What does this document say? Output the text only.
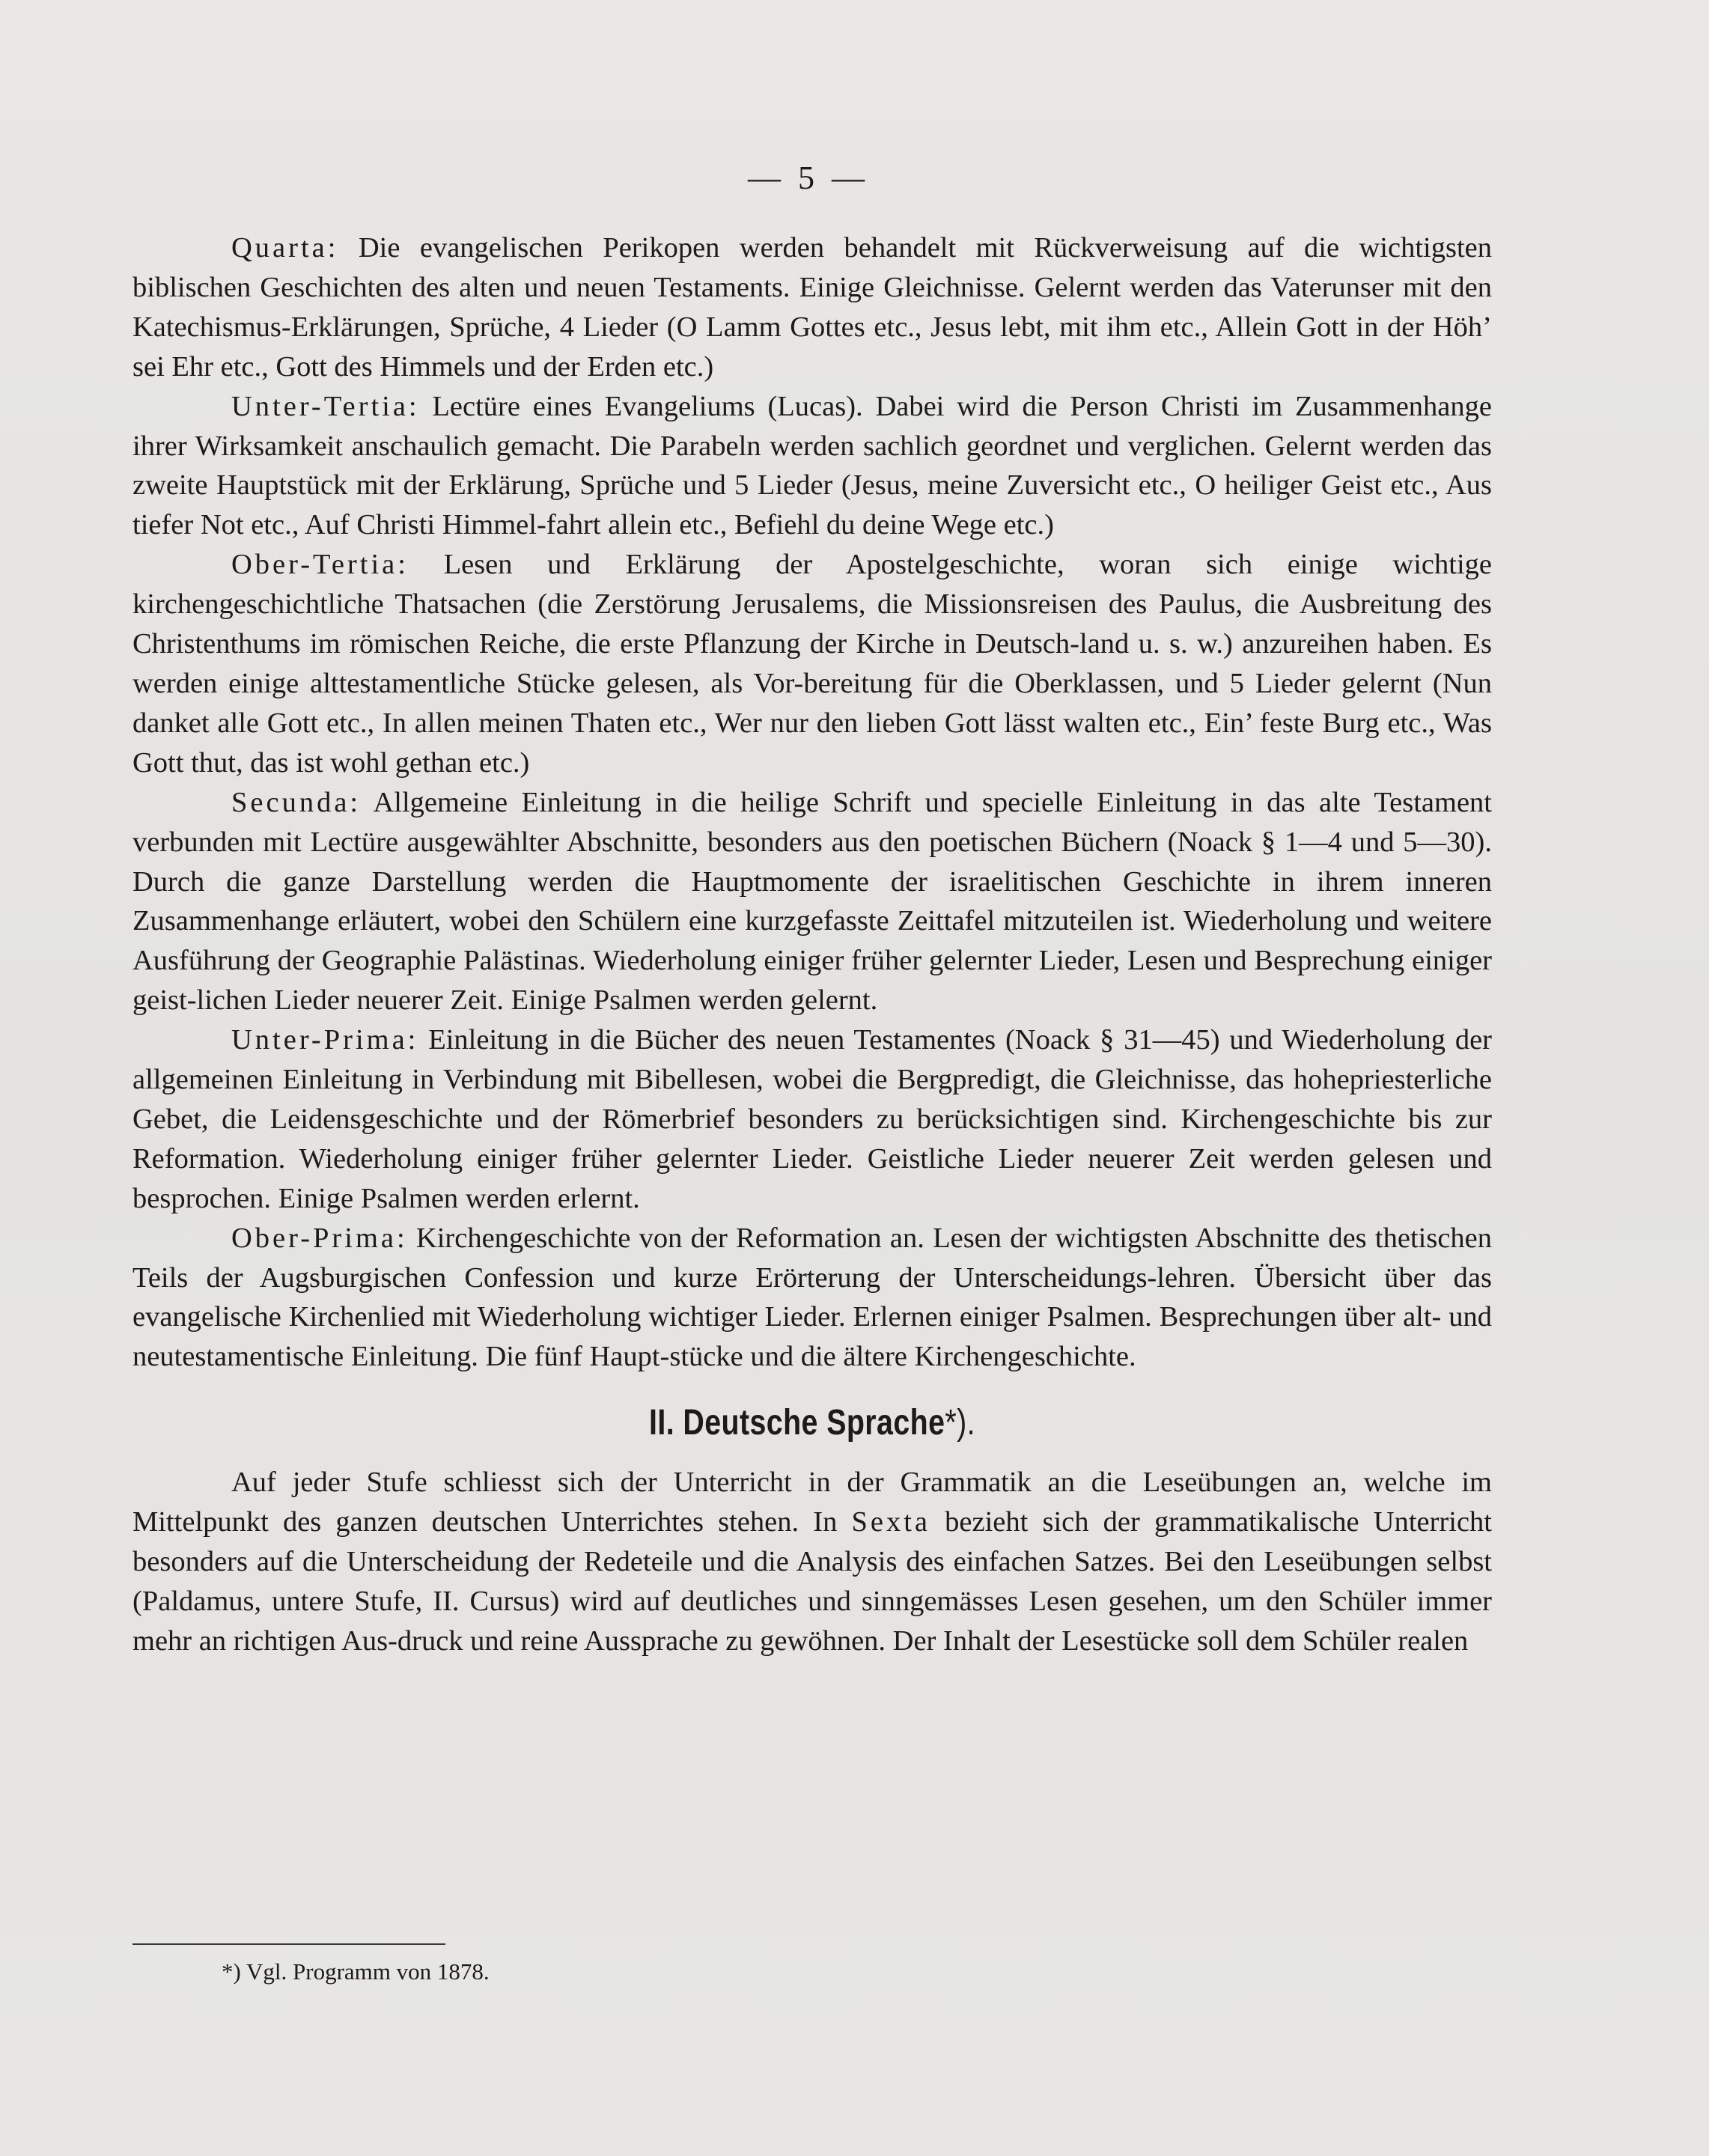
— 5 —

Quarta: Die evangelischen Perikopen werden behandelt mit Rückverweisung auf die wichtigsten biblischen Geschichten des alten und neuen Testaments. Einige Gleichnisse. Gelernt werden das Vaterunser mit den Katechismus-Erklärungen, Sprüche, 4 Lieder (O Lamm Gottes etc., Jesus lebt, mit ihm etc., Allein Gott in der Höh’ sei Ehr etc., Gott des Himmels und der Erden etc.)

Unter-Tertia: Lectüre eines Evangeliums (Lucas). Dabei wird die Person Christi im Zusammenhange ihrer Wirksamkeit anschaulich gemacht. Die Parabeln werden sachlich geordnet und verglichen. Gelernt werden das zweite Hauptstück mit der Erklärung, Sprüche und 5 Lieder (Jesus, meine Zuversicht etc., O heiliger Geist etc., Aus tiefer Not etc., Auf Christi Himmel-fahrt allein etc., Befiehl du deine Wege etc.)

Ober-Tertia: Lesen und Erklärung der Apostelgeschichte, woran sich einige wichtige kirchengeschichtliche Thatsachen (die Zerstörung Jerusalems, die Missionsreisen des Paulus, die Ausbreitung des Christenthums im römischen Reiche, die erste Pflanzung der Kirche in Deutsch-land u. s. w.) anzureihen haben. Es werden einige alttestamentliche Stücke gelesen, als Vor-bereitung für die Oberklassen, und 5 Lieder gelernt (Nun danket alle Gott etc., In allen meinen Thaten etc., Wer nur den lieben Gott lässt walten etc., Ein’ feste Burg etc., Was Gott thut, das ist wohl gethan etc.)

Secunda: Allgemeine Einleitung in die heilige Schrift und specielle Einleitung in das alte Testament verbunden mit Lectüre ausgewählter Abschnitte, besonders aus den poetischen Büchern (Noack § 1—4 und 5—30). Durch die ganze Darstellung werden die Hauptmomente der israelitischen Geschichte in ihrem inneren Zusammenhange erläutert, wobei den Schülern eine kurzgefasste Zeittafel mitzuteilen ist. Wiederholung und weitere Ausführung der Geographie Palästinas. Wiederholung einiger früher gelernter Lieder, Lesen und Besprechung einiger geist-lichen Lieder neuerer Zeit. Einige Psalmen werden gelernt.

Unter-Prima: Einleitung in die Bücher des neuen Testamentes (Noack § 31—45) und Wiederholung der allgemeinen Einleitung in Verbindung mit Bibellesen, wobei die Bergpredigt, die Gleichnisse, das hohepriesterliche Gebet, die Leidensgeschichte und der Römerbrief besonders zu berücksichtigen sind. Kirchengeschichte bis zur Reformation. Wiederholung einiger früher gelernter Lieder. Geistliche Lieder neuerer Zeit werden gelesen und besprochen. Einige Psalmen werden erlernt.

Ober-Prima: Kirchengeschichte von der Reformation an. Lesen der wichtigsten Abschnitte des thetischen Teils der Augsburgischen Confession und kurze Erörterung der Unterscheidungs-lehren. Übersicht über das evangelische Kirchenlied mit Wiederholung wichtiger Lieder. Erlernen einiger Psalmen. Besprechungen über alt- und neutestamentische Einleitung. Die fünf Haupt-stücke und die ältere Kirchengeschichte.

II. Deutsche Sprache*).

Auf jeder Stufe schliesst sich der Unterricht in der Grammatik an die Leseübungen an, welche im Mittelpunkt des ganzen deutschen Unterrichtes stehen. In Sexta bezieht sich der grammatikalische Unterricht besonders auf die Unterscheidung der Redeteile und die Analysis des einfachen Satzes. Bei den Leseübungen selbst (Paldamus, untere Stufe, II. Cursus) wird auf deutliches und sinngemässes Lesen gesehen, um den Schüler immer mehr an richtigen Aus-druck und reine Aussprache zu gewöhnen. Der Inhalt der Lesestücke soll dem Schüler realen

*) Vgl. Programm von 1878.
